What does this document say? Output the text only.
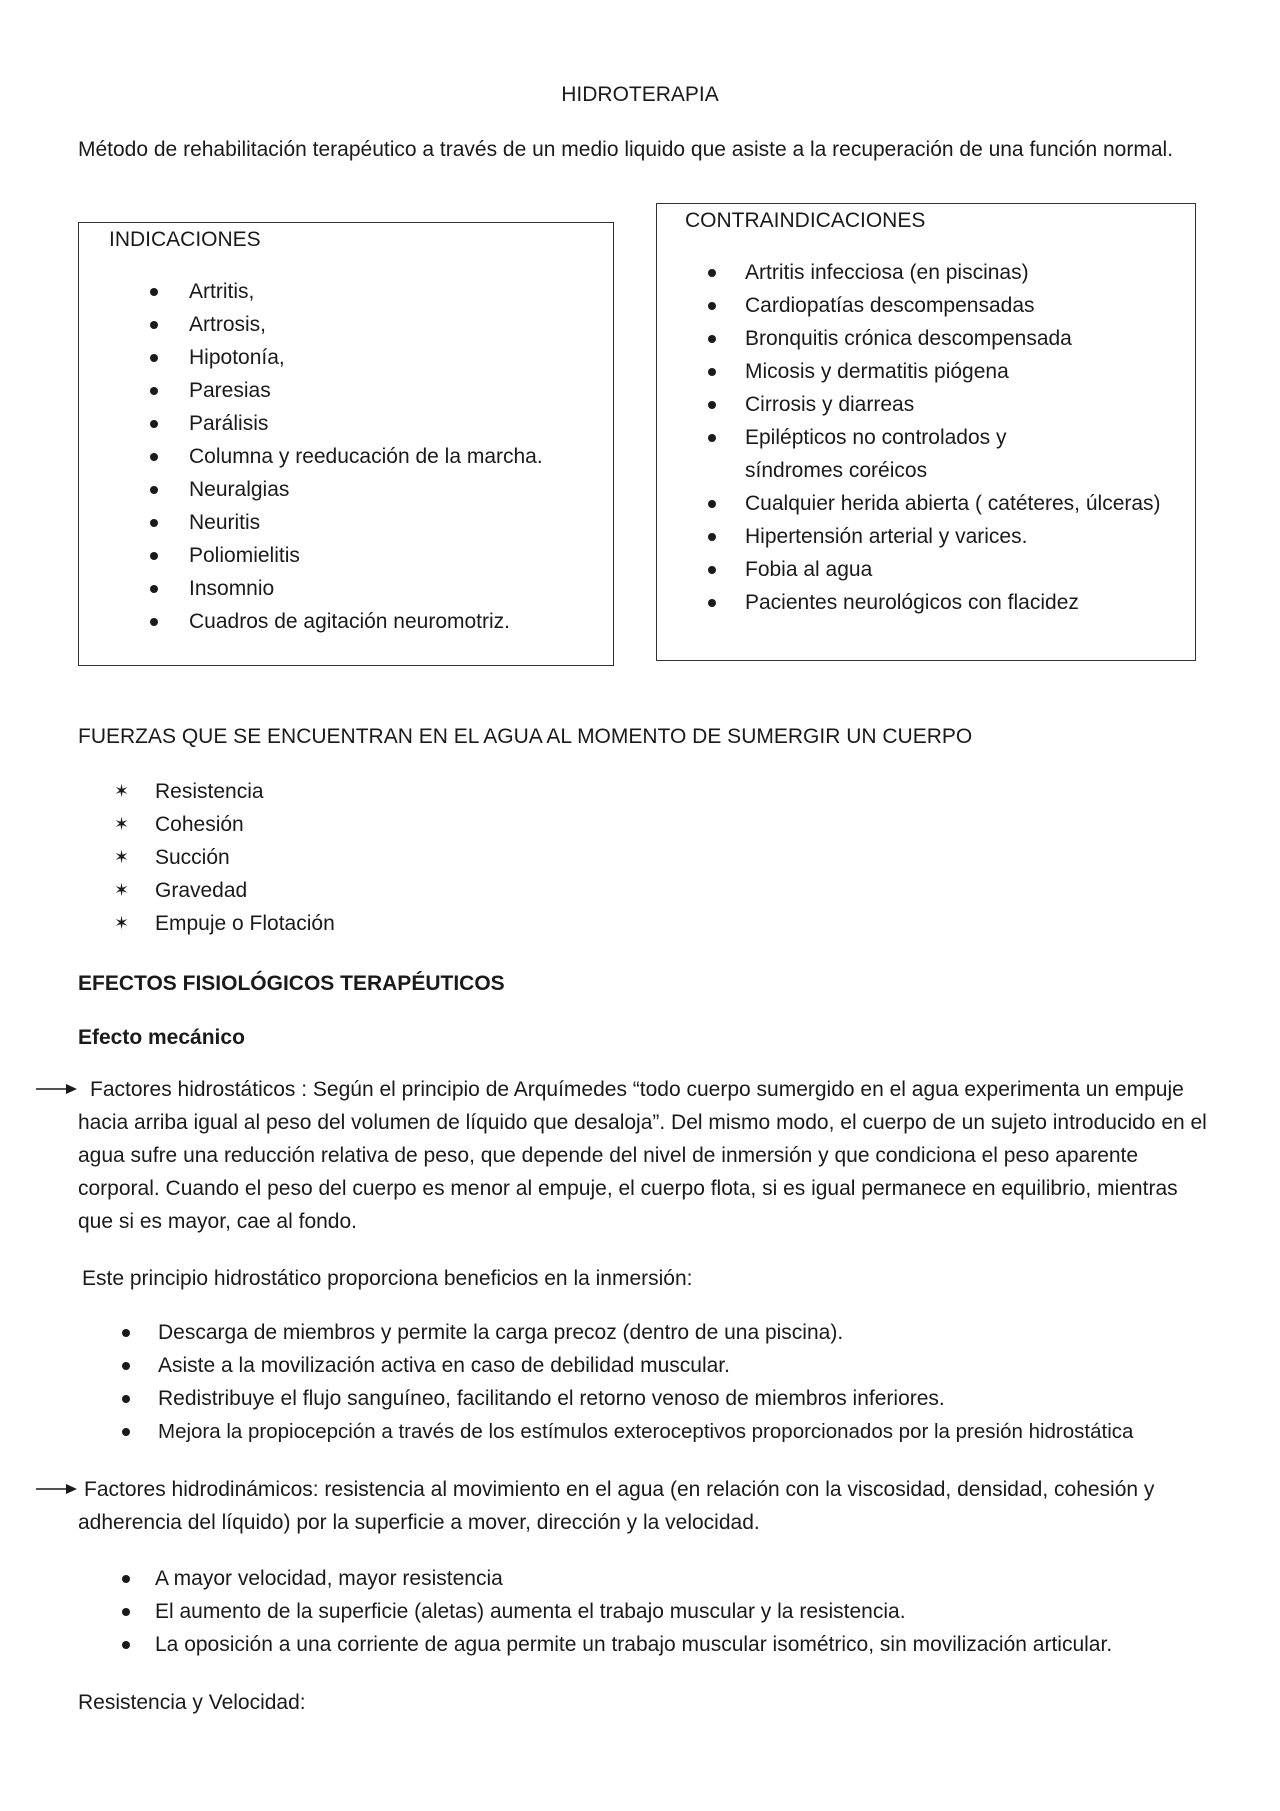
HIDROTERAPIA
Método de rehabilitación terapéutico a través de un medio liquido que asiste a la recuperación de una función normal.
INDICACIONES
Artritis,
Artrosis,
Hipotonía,
Paresias
Parálisis
Columna y reeducación de la marcha.
Neuralgias
Neuritis
Poliomielitis
Insomnio
Cuadros de agitación neuromotriz.
CONTRAINDICACIONES
Artritis infecciosa (en piscinas)
Cardiopatías descompensadas
Bronquitis crónica descompensada
Micosis y dermatitis piógena
Cirrosis y diarreas
Epilépticos no controlados y síndromes coréicos
Cualquier herida abierta ( catéteres, úlceras)
Hipertensión arterial y varices.
Fobia al agua
Pacientes neurológicos con flacidez
FUERZAS QUE SE ENCUENTRAN EN EL AGUA AL MOMENTO DE SUMERGIR UN CUERPO
✶ Resistencia
✶ Cohesión
✶ Succión
✶ Gravedad
✶ Empuje o Flotación
EFECTOS FISIOLÓGICOS TERAPÉUTICOS
Efecto mecánico
Factores hidrostáticos : Según el principio de Arquímedes “todo cuerpo sumergido en el agua experimenta un empuje hacia arriba igual al peso del volumen de líquido que desaloja”. Del mismo modo, el cuerpo de un sujeto introducido en el agua sufre una reducción relativa de peso, que depende del nivel de inmersión y que condiciona el peso aparente corporal. Cuando el peso del cuerpo es menor al empuje, el cuerpo flota, si es igual permanece en equilibrio, mientras que si es mayor, cae al fondo.
Este principio hidrostático proporciona beneficios en la inmersión:
Descarga de miembros y permite la carga precoz (dentro de una piscina).
Asiste a la movilización activa en caso de debilidad muscular.
Redistribuye el flujo sanguíneo, facilitando el retorno venoso de miembros inferiores.
Mejora la propiocepción a través de los estímulos exteroceptivos proporcionados por la presión hidrostática
Factores hidrodinámicos: resistencia al movimiento en el agua (en relación con la viscosidad, densidad, cohesión y adherencia del líquido) por la superficie a mover, dirección y la velocidad.
A mayor velocidad, mayor resistencia
El aumento de la superficie (aletas) aumenta el trabajo muscular y la resistencia.
La oposición a una corriente de agua permite un trabajo muscular isométrico, sin movilización articular.
Resistencia y Velocidad:
